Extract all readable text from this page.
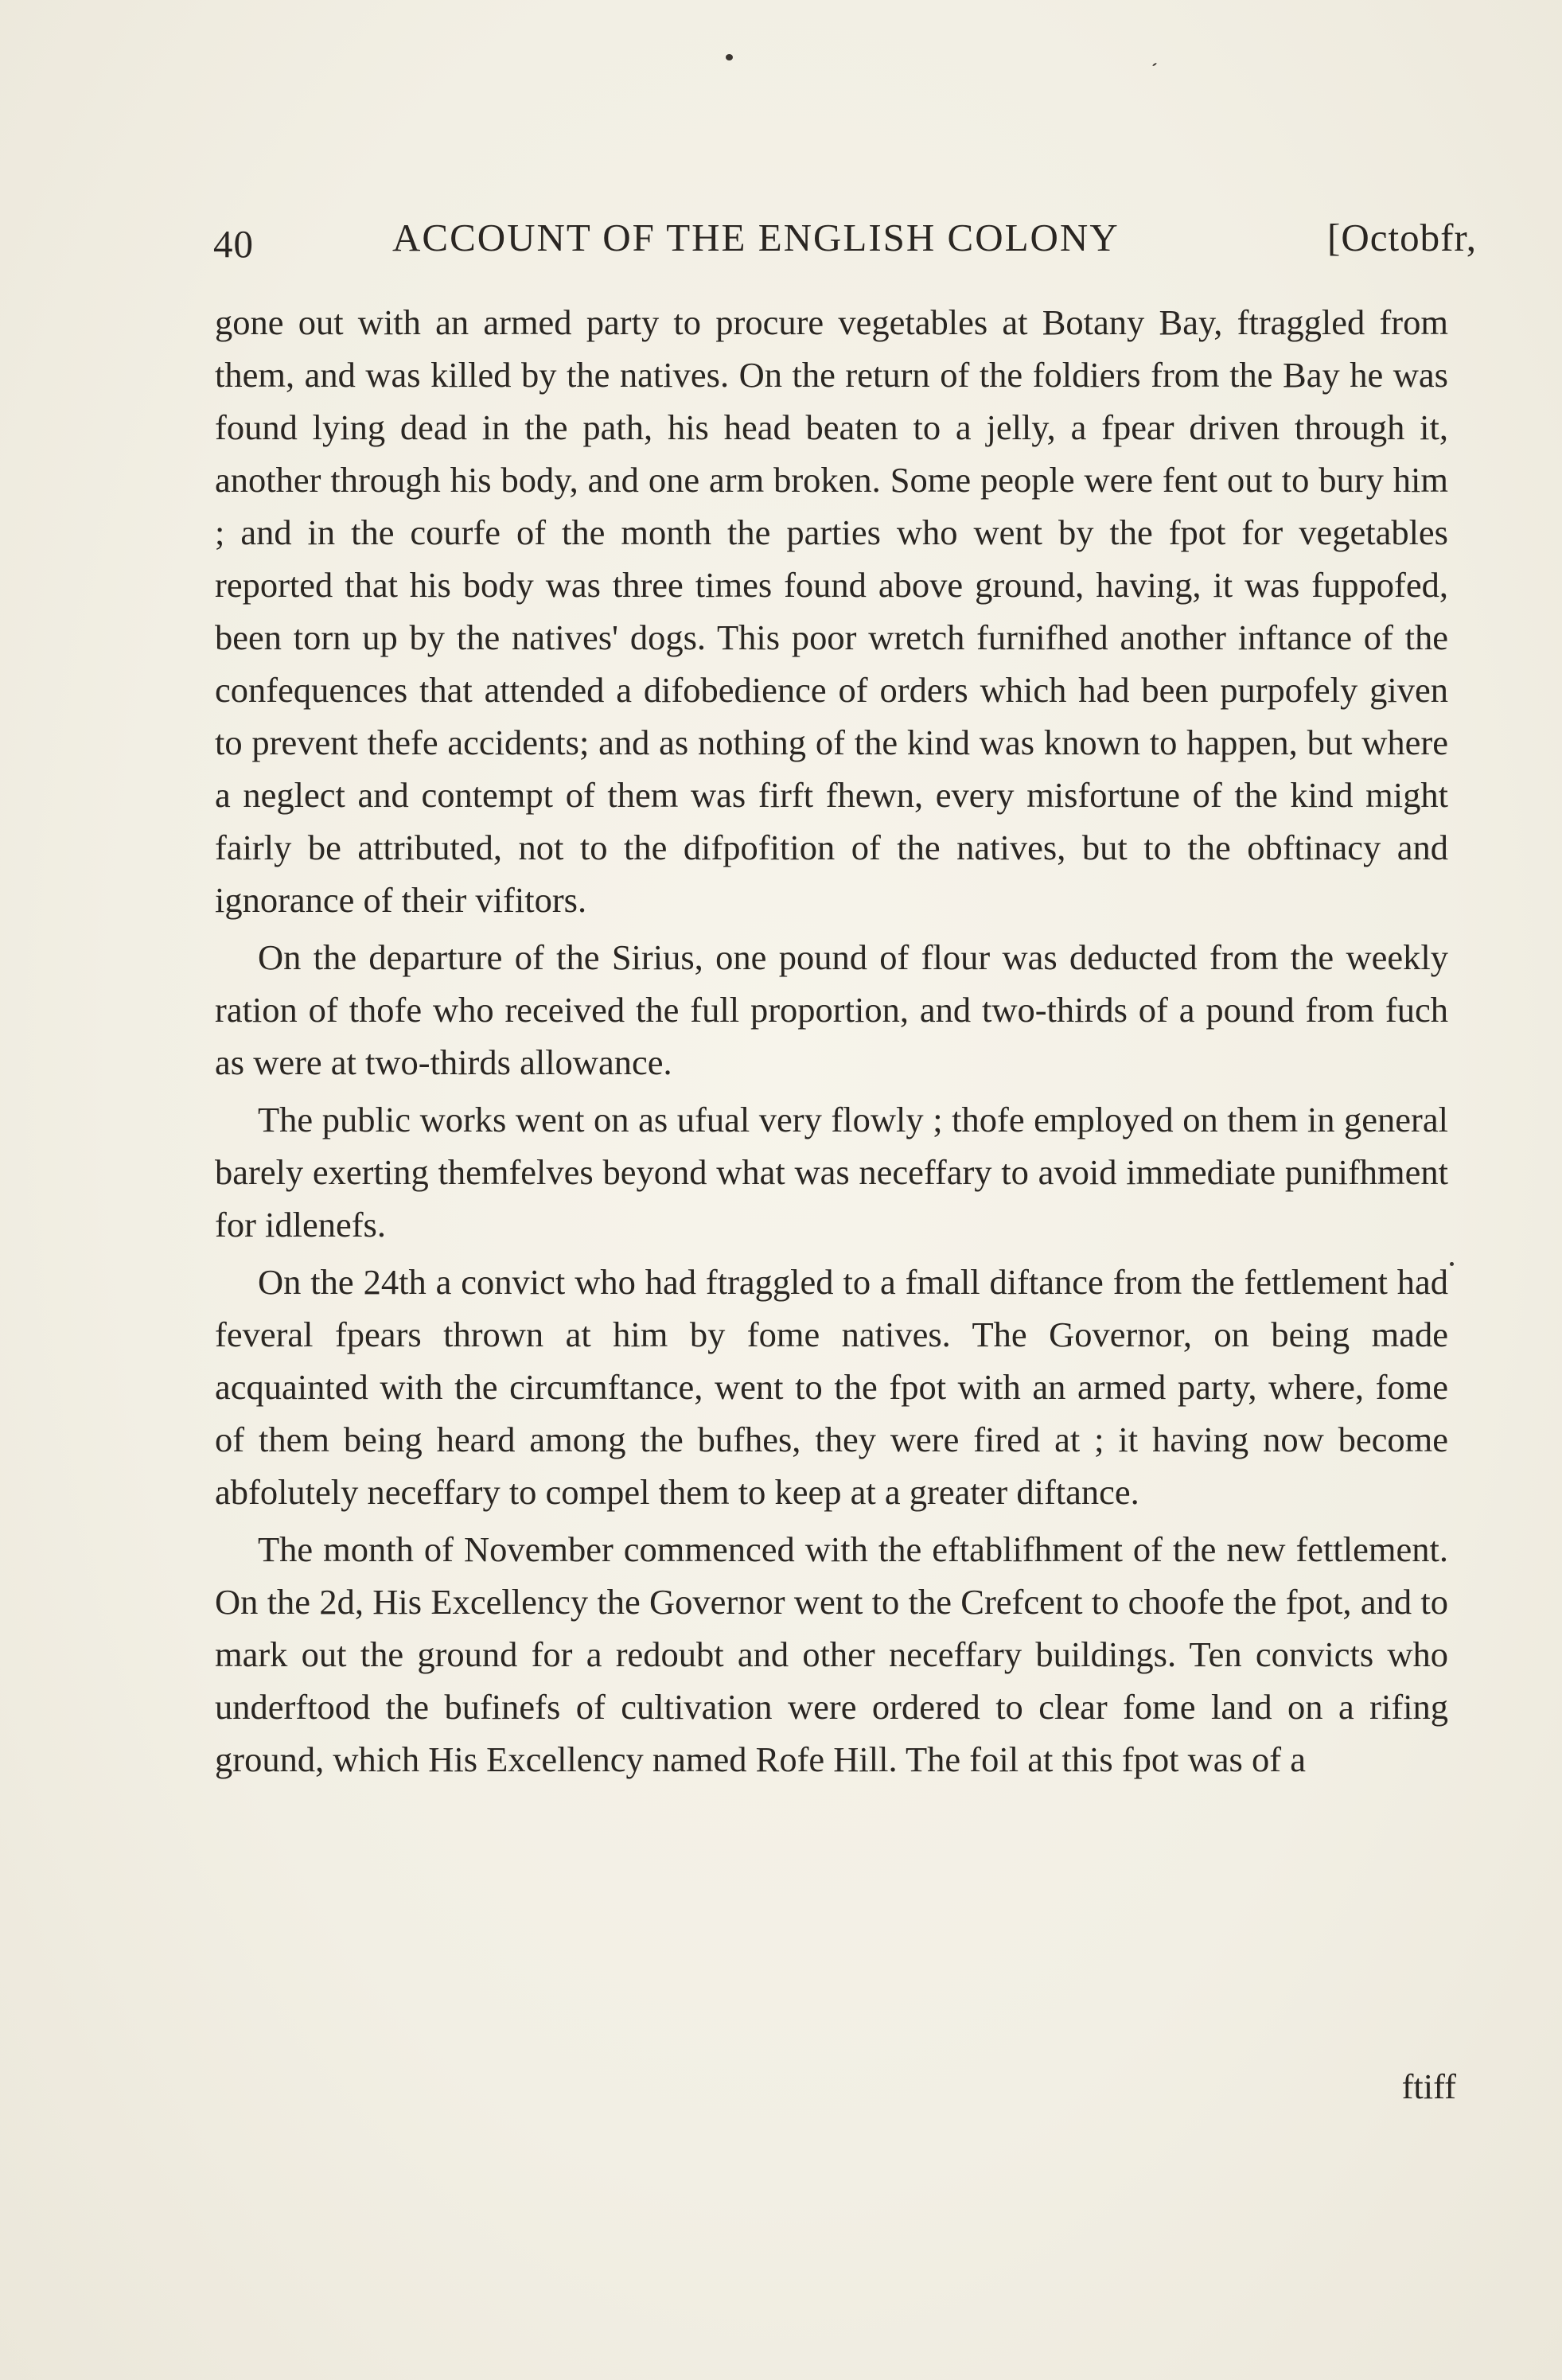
40	ACCOUNT OF THE ENGLISH COLONY	[Octobfr,

gone out with an armed party to procure vegetables at Botany Bay, ftraggled from them, and was killed by the natives. On the return of the foldiers from the Bay he was found lying dead in the path, his head beaten to a jelly, a fpear driven through it, another through his body, and one arm broken. Some people were fent out to bury him ; and in the courfe of the month the parties who went by the fpot for vegetables reported that his body was three times found above ground, having, it was fuppofed, been torn up by the natives' dogs. This poor wretch furnifhed another inftance of the confequences that attended a difobedience of orders which had been purpofely given to prevent thefe accidents; and as nothing of the kind was known to happen, but where a neglect and contempt of them was firft fhewn, every misfortune of the kind might fairly be attributed, not to the difpofition of the natives, but to the obftinacy and ignorance of their vifitors.

On the departure of the Sirius, one pound of flour was deducted from the weekly ration of thofe who received the full proportion, and two-thirds of a pound from fuch as were at two-thirds allowance.

The public works went on as ufual very flowly ; thofe employed on them in general barely exerting themfelves beyond what was neceffary to avoid immediate punifhment for idlenefs.

On the 24th a convict who had ftraggled to a fmall diftance from the fettlement had feveral fpears thrown at him by fome natives. The Governor, on being made acquainted with the circumftance, went to the fpot with an armed party, where, fome of them being heard among the bufhes, they were fired at ; it having now become abfolutely neceffary to compel them to keep at a greater diftance.

The month of November commenced with the eftablifhment of the new fettlement. On the 2d, His Excellency the Governor went to the Crefcent to choofe the fpot, and to mark out the ground for a redoubt and other neceffary buildings. Ten convicts who underftood the bufinefs of cultivation were ordered to clear fome land on a rifing ground, which His Excellency named Rofe Hill. The foil at this fpot was of a

ftiff
